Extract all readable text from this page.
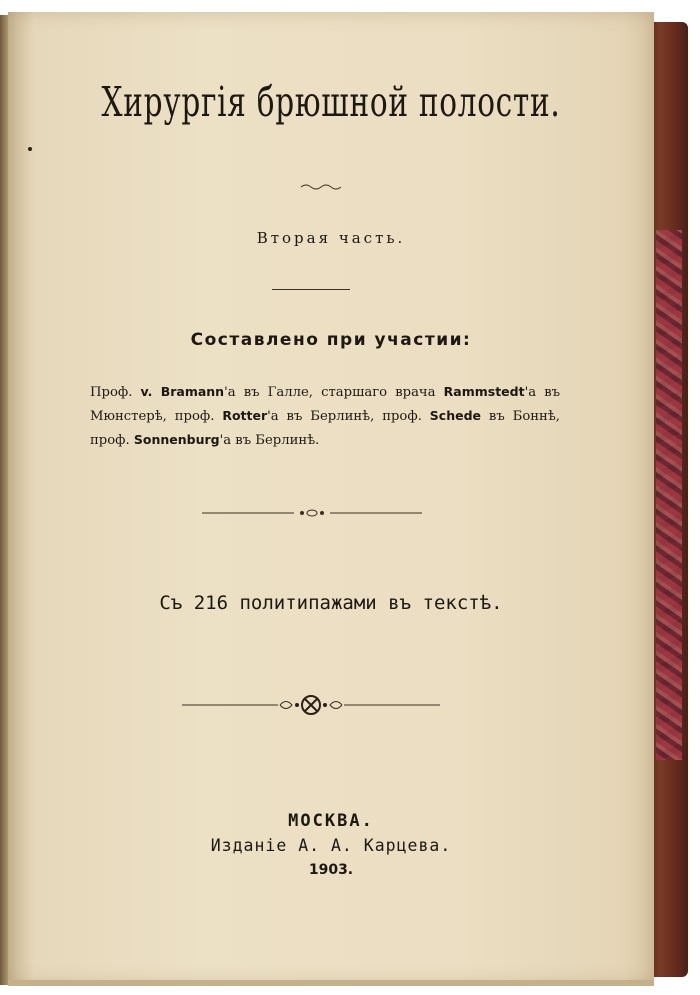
Хирургія брюшной полости.
Вторая часть.
Составлено при участии:
Проф. v. Bramann'а въ Галле, старшаго врача Rammstedt'а въ Мюнстерѣ, проф. Rotter'а въ Берлинѣ, проф. Schede въ Боннѣ, проф. Sonnenburg'а въ Берлинѣ.
Съ 216 политипажами въ текстѣ.
МОСКВА.
Изданіе А. А. Карцева.
1903.
